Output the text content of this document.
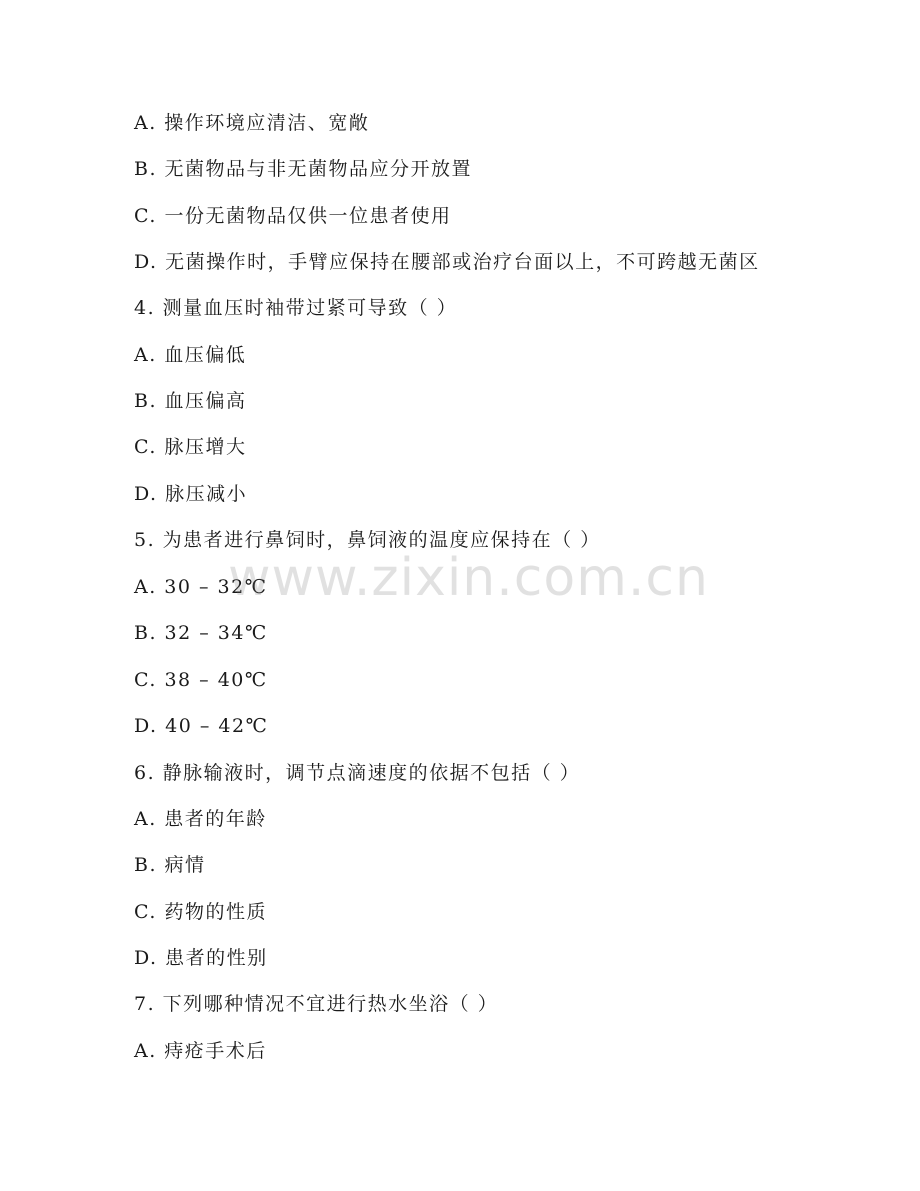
A. 操作环境应清洁、宽敞
B. 无菌物品与非无菌物品应分开放置
C. 一份无菌物品仅供一位患者使用
D. 无菌操作时，手臂应保持在腰部或治疗台面以上，不可跨越无菌区
4. 测量血压时袖带过紧可导致（ ）
A. 血压偏低
B. 血压偏高
C. 脉压增大
D. 脉压减小
5. 为患者进行鼻饲时，鼻饲液的温度应保持在（ ）
A. 30 – 32℃
B. 32 – 34℃
C. 38 – 40℃
D. 40 – 42℃
6. 静脉输液时，调节点滴速度的依据不包括（ ）
A. 患者的年龄
B. 病情
C. 药物的性质
D. 患者的性别
7. 下列哪种情况不宜进行热水坐浴（ ）
A. 痔疮手术后
www.zixin.com.cn
